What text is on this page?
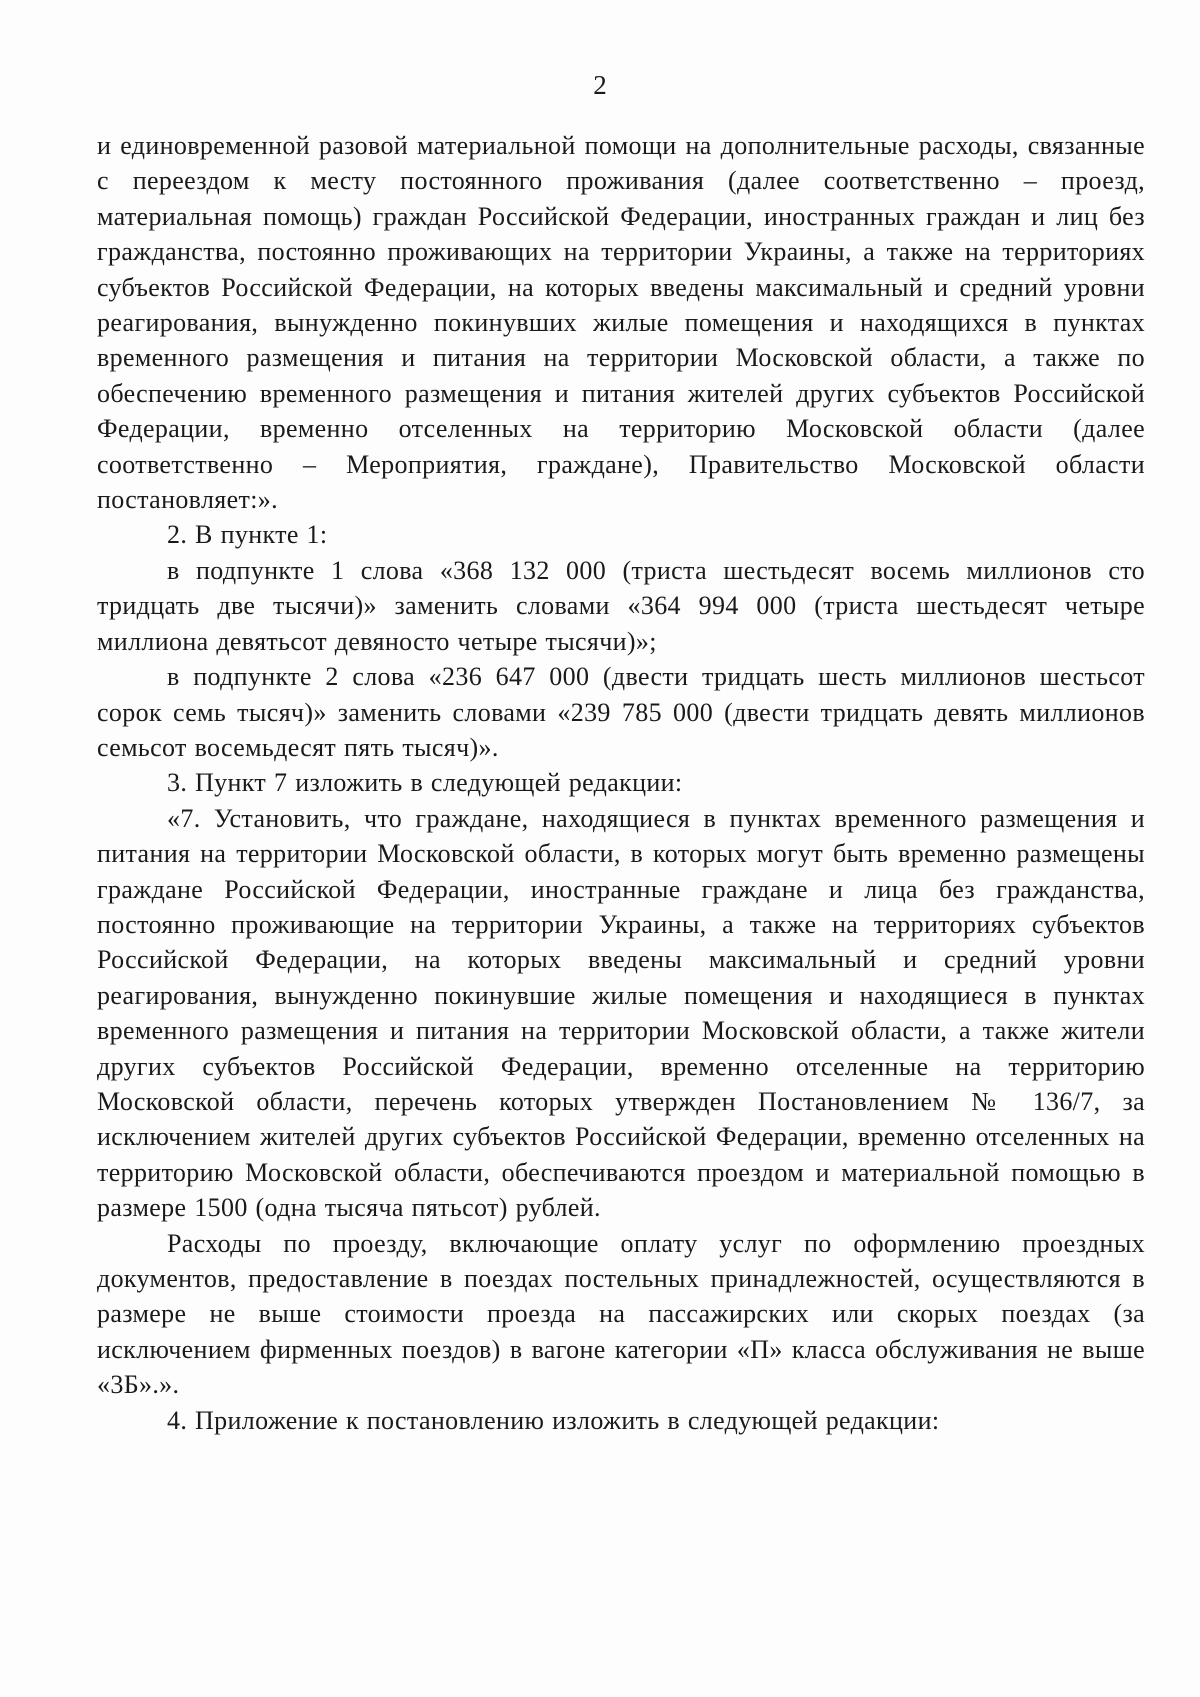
2

и единовременной разовой материальной помощи на дополнительные расходы, связанные с переездом к месту постоянного проживания (далее соответственно – проезд, материальная помощь) граждан Российской Федерации, иностранных граждан и лиц без гражданства, постоянно проживающих на территории Украины, а также на территориях субъектов Российской Федерации, на которых введены максимальный и средний уровни реагирования, вынужденно покинувших жилые помещения и находящихся в пунктах временного размещения и питания на территории Московской области, а также по обеспечению временного размещения и питания жителей других субъектов Российской Федерации, временно отселенных на территорию Московской области (далее соответственно – Мероприятия, граждане), Правительство Московской области постановляет:».

2. В пункте 1:

в подпункте 1 слова «368 132 000 (триста шестьдесят восемь миллионов сто тридцать две тысячи)» заменить словами «364 994 000 (триста шестьдесят четыре миллиона девятьсот девяносто четыре тысячи)»;

в подпункте 2 слова «236 647 000 (двести тридцать шесть миллионов шестьсот сорок семь тысяч)» заменить словами «239 785 000 (двести тридцать девять миллионов семьсот восемьдесят пять тысяч)».

3. Пункт 7 изложить в следующей редакции:

«7. Установить, что граждане, находящиеся в пунктах временного размещения и питания на территории Московской области, в которых могут быть временно размещены граждане Российской Федерации, иностранные граждане и лица без гражданства, постоянно проживающие на территории Украины, а также на территориях субъектов Российской Федерации, на которых введены максимальный и средний уровни реагирования, вынужденно покинувшие жилые помещения и находящиеся в пунктах временного размещения и питания на территории Московской области, а также жители других субъектов Российской Федерации, временно отселенные на территорию Московской области, перечень которых утвержден Постановлением № 136/7, за исключением жителей других субъектов Российской Федерации, временно отселенных на территорию Московской области, обеспечиваются проездом и материальной помощью в размере 1500 (одна тысяча пятьсот) рублей.

Расходы по проезду, включающие оплату услуг по оформлению проездных документов, предоставление в поездах постельных принадлежностей, осуществляются в размере не выше стоимости проезда на пассажирских или скорых поездах (за исключением фирменных поездов) в вагоне категории «П» класса обслуживания не выше «3Б».».

4. Приложение к постановлению изложить в следующей редакции:
